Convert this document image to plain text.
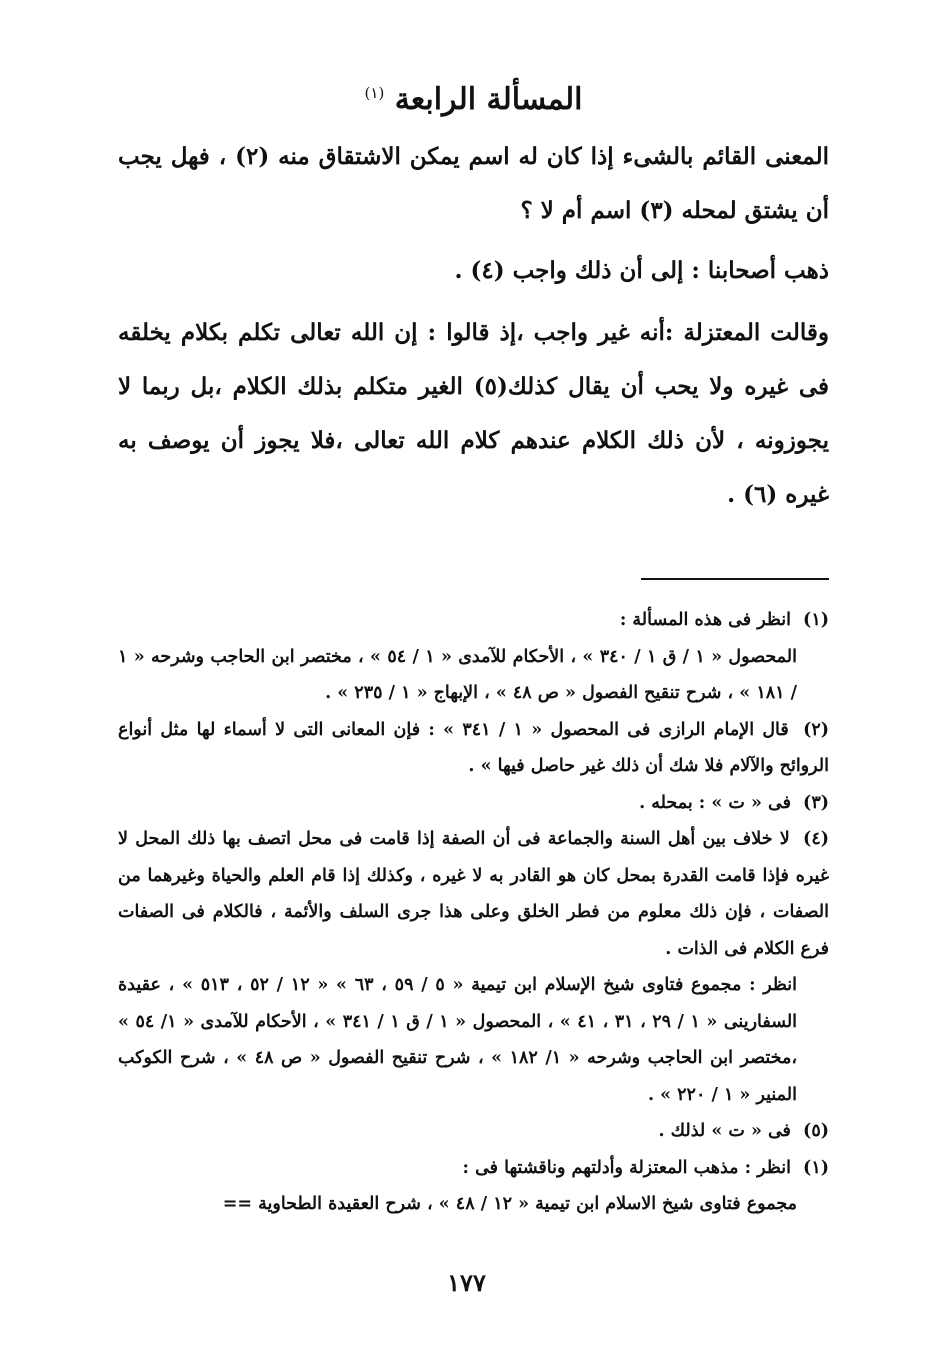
المسألة الرابعة $^{(١)}$

المعنى القائم بالشىء إذا كان له اسم يمكن الاشتقاق منه (٢) ، فهل يجب أن يشتق لمحله (٣) اسم أم لا ؟

ذهب أصحابنا : إلى أن ذلك واجب (٤) .

وقالت المعتزلة :أنه غير واجب ،إذ قالوا : إن الله تعالى تكلم بكلام يخلقه فى غيره ولا يحب أن يقال كذلك(٥) الغير متكلم بذلك الكلام ،بل ربما لا يجوزونه ، لأن ذلك الكلام عندهم كلام الله تعالى ،فلا يجوز أن يوصف به غيره (٦) .

(١) انظر فى هذه المسألة :
المحصول « ١ / ق ١ / ٣٤٠ » ، الأحكام للآمدى « ١ / ٥٤ » ، مختصر ابن الحاجب وشرحه « ١ / ١٨١ » ، شرح تنقيح الفصول « ص ٤٨ » ، الإبهاج « ١ / ٢٣٥ » .
(٢) قال الإمام الرازى فى المحصول « ١ / ٣٤١ » : فإن المعانى التى لا أسماء لها مثل أنواع الروائح والآلام فلا شك أن ذلك غير حاصل فيها » .
(٣) فى « ت » : بمحله .
(٤) لا خلاف بين أهل السنة والجماعة فى أن الصفة إذا قامت فى محل اتصف بها ذلك المحل لا غيره فإذا قامت القدرة بمحل كان هو القادر به لا غيره ، وكذلك إذا قام العلم والحياة وغيرهما من الصفات ، فإن ذلك معلوم من فطر الخلق وعلى هذا جرى السلف والأئمة ، فالكلام فى الصفات فرع الكلام فى الذات .
انظر : مجموع فتاوى شيخ الإسلام ابن تيمية « ٥ / ٥٩ ، ٦٣ » « ١٢ / ٥٢ ، ٥١٣ » ، عقيدة السفارينى « ١ / ٢٩ ، ٣١ ، ٤١ » ، المحصول « ١ / ق ١ / ٣٤١ » ، الأحكام للآمدى « ١/ ٥٤ » ،مختصر ابن الحاجب وشرحه « ١/ ١٨٢ » ، شرح تنقيح الفصول « ص ٤٨ » ، شرح الكوكب المنير « ١ / ٢٢٠ » .
(٥) فى « ت » لذلك .
(١) انظر : مذهب المعتزلة وأدلتهم وناقشتها فى :
مجموع فتاوى شيخ الاسلام ابن تيمية « ١٢ / ٤٨ » ، شرح العقيدة الطحاوية ==
١٧٧
